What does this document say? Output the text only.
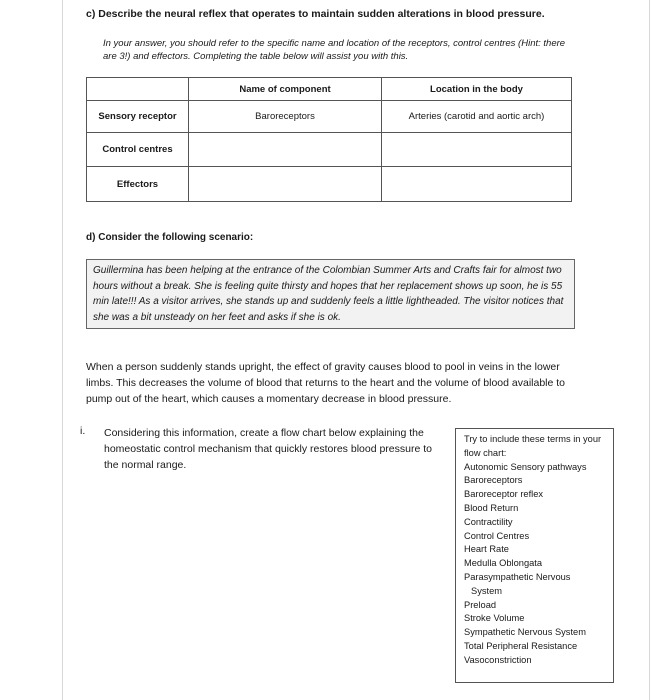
c) Describe the neural reflex that operates to maintain sudden alterations in blood pressure.
In your answer, you should refer to the specific name and location of the receptors, control centres (Hint: there are 3!) and effectors. Completing the table below will assist you with this.
	Name of component	Location in the body
Sensory receptor	Baroreceptors	Arteries (carotid and aortic arch)
Control centres		
Effectors		
d) Consider the following scenario:
Guillermina has been helping at the entrance of the Colombian Summer Arts and Crafts fair for almost two hours without a break. She is feeling quite thirsty and hopes that her replacement shows up soon, he is 55 min late!!! As a visitor arrives, she stands up and suddenly feels a little lightheaded. The visitor notices that she was a bit unsteady on her feet and asks if she is ok.
When a person suddenly stands upright, the effect of gravity causes blood to pool in veins in the lower limbs. This decreases the volume of blood that returns to the heart and the volume of blood available to pump out of the heart, which causes a momentary decrease in blood pressure.
i. Considering this information, create a flow chart below explaining the homeostatic control mechanism that quickly restores blood pressure to the normal range.

Try to include these terms in your flow chart:

Autonomic Sensory pathways
Baroreceptors
Baroreceptor reflex
Blood Return
Contractility
Control Centres
Heart Rate
Medulla Oblongata
Parasympathetic Nervous
System
Preload
Stroke Volume
Sympathetic Nervous System
Total Peripheral Resistance
Vasoconstriction
